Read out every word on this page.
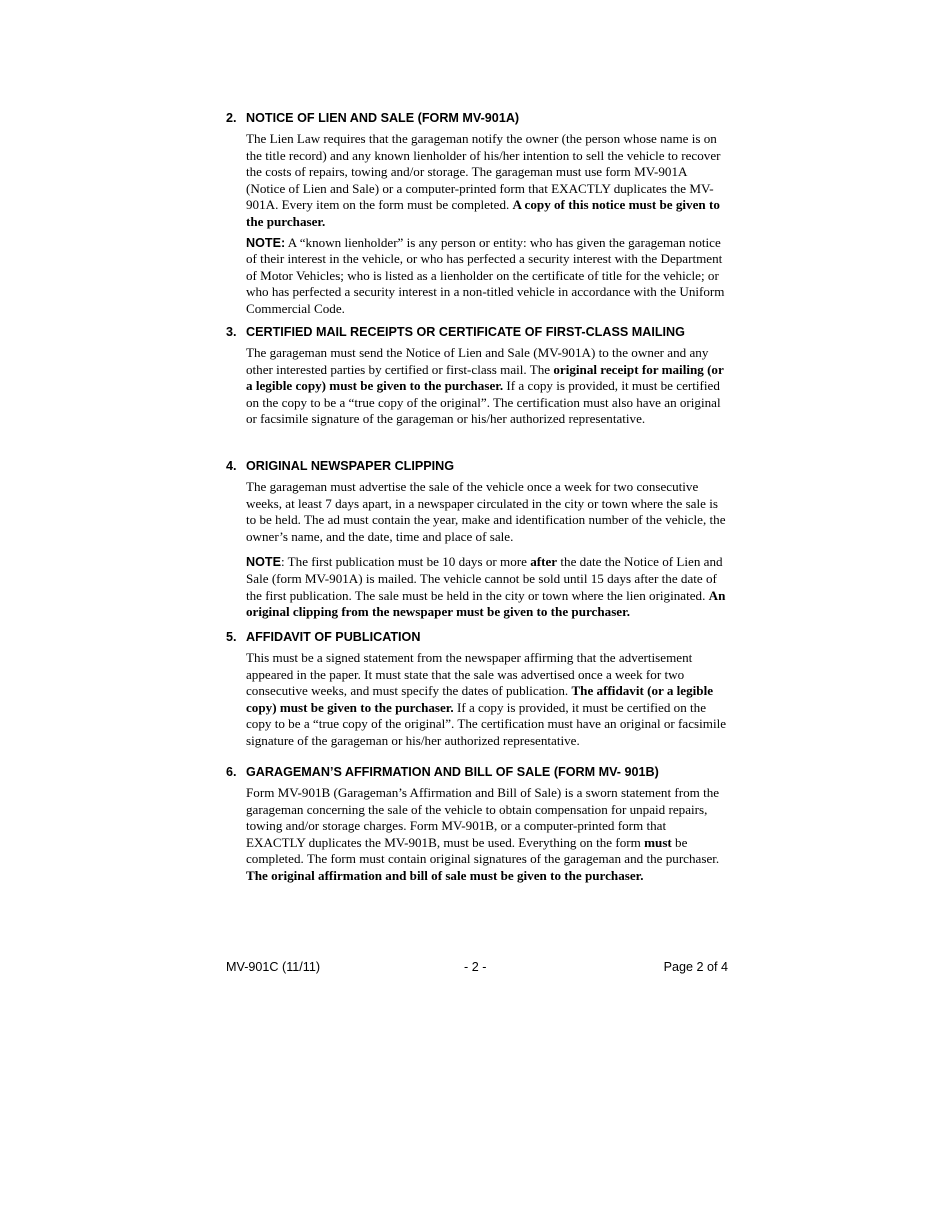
2. NOTICE OF LIEN AND SALE (FORM MV-901A)
The Lien Law requires that the garageman notify the owner (the person whose name is on the title record) and any known lienholder of his/her intention to sell the vehicle to recover the costs of repairs, towing and/or storage. The garageman must use form MV-901A (Notice of Lien and Sale) or a computer-printed form that EXACTLY duplicates the MV-901A. Every item on the form must be completed. A copy of this notice must be given to the purchaser.
NOTE: A “known lienholder” is any person or entity: who has given the garageman notice of their interest in the vehicle, or who has perfected a security interest with the Department of Motor Vehicles; who is listed as a lienholder on the certificate of title for the vehicle; or who has perfected a security interest in a non-titled vehicle in accordance with the Uniform Commercial Code.
3. CERTIFIED MAIL RECEIPTS OR CERTIFICATE OF FIRST-CLASS MAILING
The garageman must send the Notice of Lien and Sale (MV-901A) to the owner and any other interested parties by certified or first-class mail. The original receipt for mailing (or a legible copy) must be given to the purchaser. If a copy is provided, it must be certified on the copy to be a “true copy of the original”. The certification must also have an original or facsimile signature of the garageman or his/her authorized representative.
4. ORIGINAL NEWSPAPER CLIPPING
The garageman must advertise the sale of the vehicle once a week for two consecutive weeks, at least 7 days apart, in a newspaper circulated in the city or town where the sale is to be held. The ad must contain the year, make and identification number of the vehicle, the owner’s name, and the date, time and place of sale.
NOTE: The first publication must be 10 days or more after the date the Notice of Lien and Sale (form MV-901A) is mailed. The vehicle cannot be sold until 15 days after the date of the first publication. The sale must be held in the city or town where the lien originated. An original clipping from the newspaper must be given to the purchaser.
5. AFFIDAVIT OF PUBLICATION
This must be a signed statement from the newspaper affirming that the advertisement appeared in the paper. It must state that the sale was advertised once a week for two consecutive weeks, and must specify the dates of publication. The affidavit (or a legible copy) must be given to the purchaser. If a copy is provided, it must be certified on the copy to be a “true copy of the original”. The certification must have an original or facsimile signature of the garageman or his/her authorized representative.
6. GARAGEMAN’S AFFIRMATION AND BILL OF SALE (FORM MV- 901B)
Form MV-901B (Garageman’s Affirmation and Bill of Sale) is a sworn statement from the garageman concerning the sale of the vehicle to obtain compensation for unpaid repairs, towing and/or storage charges. Form MV-901B, or a computer-printed form that EXACTLY duplicates the MV-901B, must be used. Everything on the form must be completed. The form must contain original signatures of the garageman and the purchaser. The original affirmation and bill of sale must be given to the purchaser.
MV-901C (11/11)	- 2 -	Page 2 of 4
